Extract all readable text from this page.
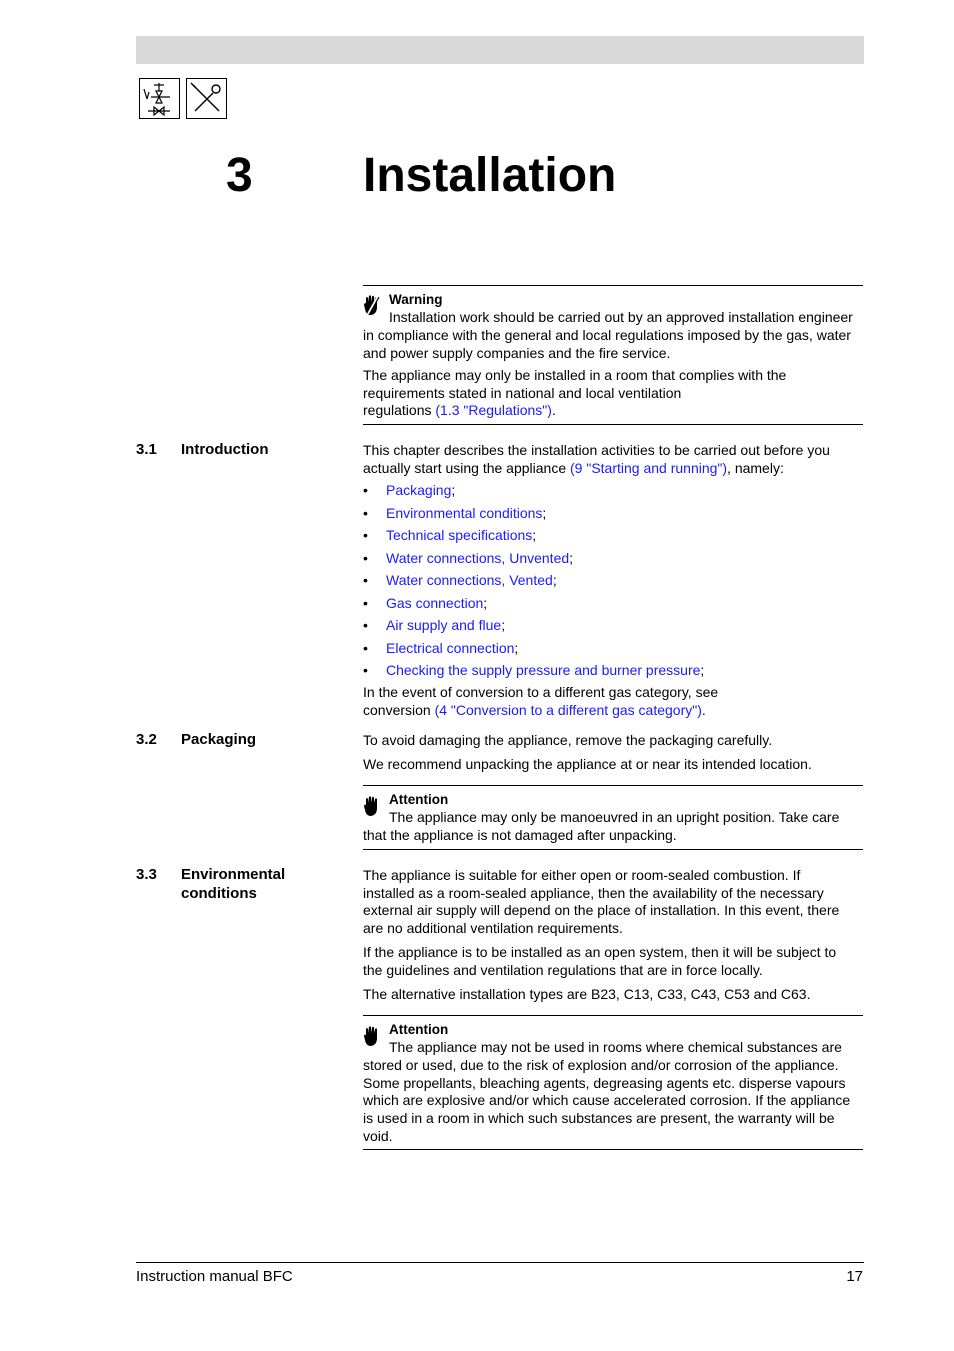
3 Installation
Warning
Installation work should be carried out by an approved installation engineer
in compliance with the general and local regulations imposed by the gas, water
and power supply companies and the fire service.
The appliance may only be installed in a room that complies with the
requirements stated in national and local ventilation
regulations (1.3 "Regulations").
3.1 Introduction	This chapter describes the installation activities to be carried out before you
actually start using the appliance (9 "Starting and running"), namely:
• Packaging;
• Environmental conditions;
• Technical specifications;
• Water connections, Unvented;
• Water connections, Vented;
• Gas connection;
• Air supply and flue;
• Electrical connection;
• Checking the supply pressure and burner pressure;
In the event of conversion to a different gas category, see
conversion (4 "Conversion to a different gas category").
3.2 Packaging	To avoid damaging the appliance, remove the packaging carefully.
We recommend unpacking the appliance at or near its intended location.
Attention
The appliance may only be manoeuvred in an upright position. Take care
that the appliance is not damaged after unpacking.
3.3 Environmental
conditions
The appliance is suitable for either open or room-sealed combustion. If
installed as a room-sealed appliance, then the availability of the necessary
external air supply will depend on the place of installation. In this event, there
are no additional ventilation requirements.
If the appliance is to be installed as an open system, then it will be subject to
the guidelines and ventilation regulations that are in force locally.
The alternative installation types are B23, C13, C33, C43, C53 and C63.
Attention
The appliance may not be used in rooms where chemical substances are
stored or used, due to the risk of explosion and/or corrosion of the appliance.
Some propellants, bleaching agents, degreasing agents etc. disperse vapours
which are explosive and/or which cause accelerated corrosion. If the appliance
is used in a room in which such substances are present, the warranty will be
void.
Instruction manual BFC	17
